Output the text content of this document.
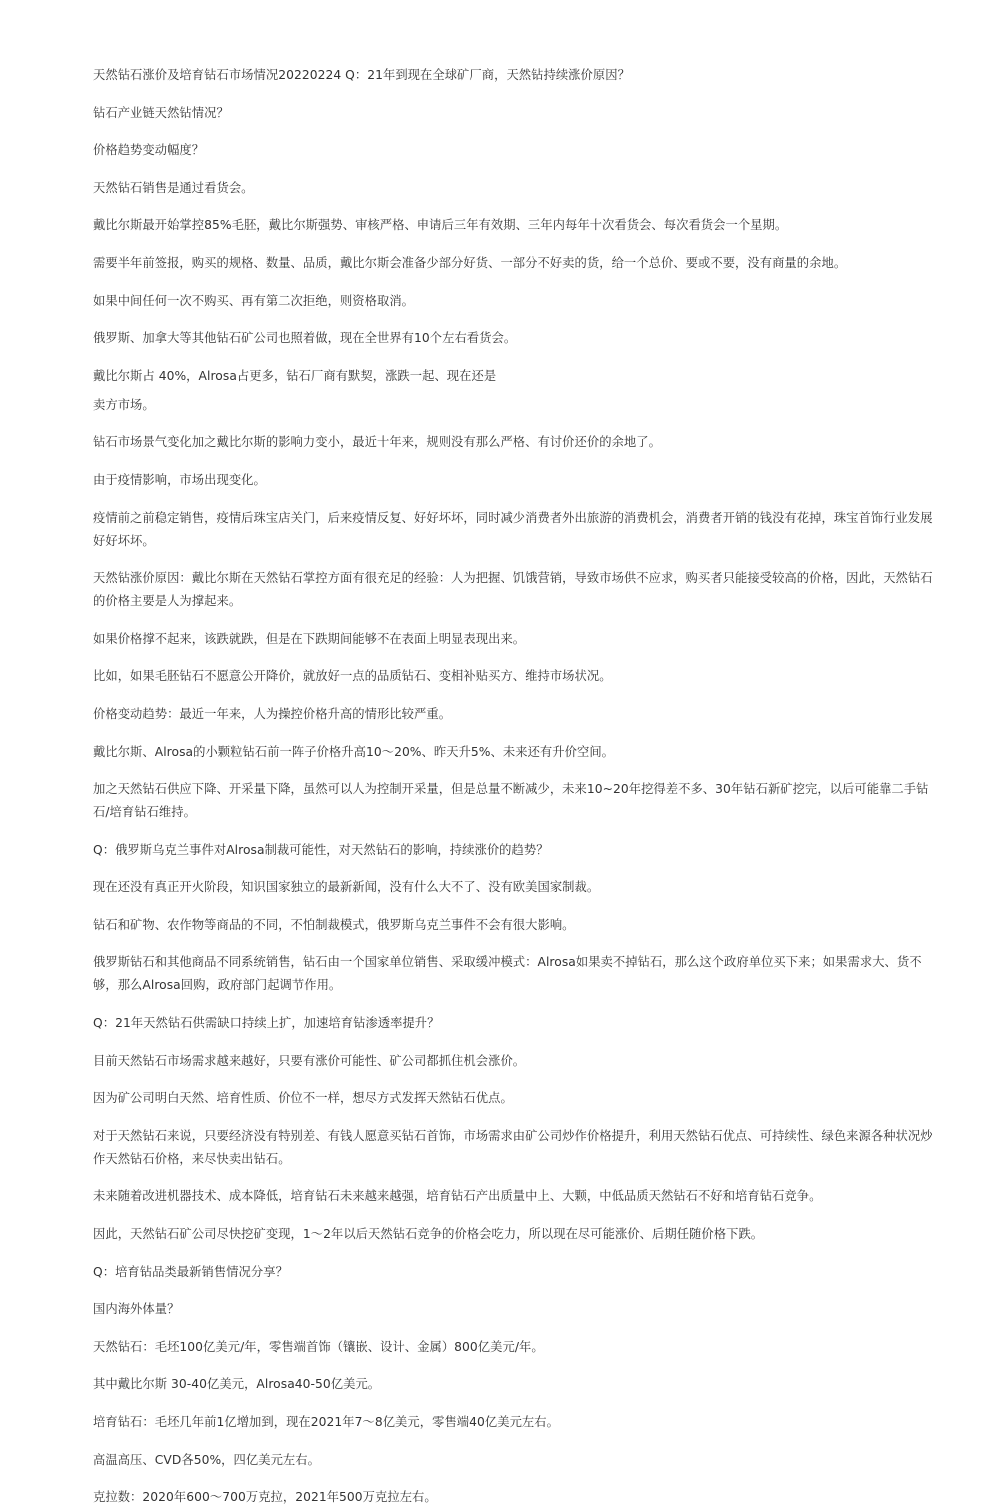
天然钻石涨价及培育钻石市场情况20220224 Q：21年到现在全球矿厂商，天然钻持续涨价原因？

钻石产业链天然钻情况？

价格趋势变动幅度？

天然钻石销售是通过看货会。

戴比尔斯最开始掌控85%毛胚，戴比尔斯强势、审核严格、申请后三年有效期、三年内每年十次看货会、每次看货会一个星期。

需要半年前签报，购买的规格、数量、品质，戴比尔斯会准备少部分好货、一部分不好卖的货，给一个总价、要或不要，没有商量的余地。

如果中间任何一次不购买、再有第二次拒绝，则资格取消。

俄罗斯、加拿大等其他钻石矿公司也照着做，现在全世界有10个左右看货会。

戴比尔斯占 40%，Alrosa占更多，钻石厂商有默契，涨跌一起、现在还是

卖方市场。

钻石市场景气变化加之戴比尔斯的影响力变小，最近十年来，规则没有那么严格、有讨价还价的余地了。

由于疫情影响，市场出现变化。

疫情前之前稳定销售，疫情后珠宝店关门，后来疫情反复、好好坏坏，同时减少消费者外出旅游的消费机会，消费者开销的钱没有花掉，珠宝首饰行业发展好好坏坏。

天然钻涨价原因：戴比尔斯在天然钻石掌控方面有很充足的经验：人为把握、饥饿营销，导致市场供不应求，购买者只能接受较高的价格，因此，天然钻石的价格主要是人为撑起来。

如果价格撑不起来，该跌就跌，但是在下跌期间能够不在表面上明显表现出来。

比如，如果毛胚钻石不愿意公开降价，就放好一点的品质钻石、变相补贴买方、维持市场状况。

价格变动趋势：最近一年来，人为操控价格升高的情形比较严重。

戴比尔斯、Alrosa的小颗粒钻石前一阵子价格升高10～20%、昨天升5%、未来还有升价空间。

加之天然钻石供应下降、开采量下降，虽然可以人为控制开采量，但是总量不断减少，未来10~20年挖得差不多、30年钻石新矿挖完，以后可能靠二手钻石/培育钻石维持。

Q：俄罗斯乌克兰事件对Alrosa制裁可能性，对天然钻石的影响，持续涨价的趋势？

现在还没有真正开火阶段，知识国家独立的最新新闻，没有什么大不了、没有欧美国家制裁。

钻石和矿物、农作物等商品的不同，不怕制裁模式，俄罗斯乌克兰事件不会有很大影响。

俄罗斯钻石和其他商品不同系统销售，钻石由一个国家单位销售、采取缓冲模式：Alrosa如果卖不掉钻石，那么这个政府单位买下来；如果需求大、货不够，那么Alrosa回购，政府部门起调节作用。

Q：21年天然钻石供需缺口持续上扩，加速培育钻渗透率提升？

目前天然钻石市场需求越来越好，只要有涨价可能性、矿公司都抓住机会涨价。

因为矿公司明白天然、培育性质、价位不一样，想尽方式发挥天然钻石优点。

对于天然钻石来说，只要经济没有特别差、有钱人愿意买钻石首饰，市场需求由矿公司炒作价格提升，利用天然钻石优点、可持续性、绿色来源各种状况炒作天然钻石价格，来尽快卖出钻石。

未来随着改进机器技术、成本降低，培育钻石未来越来越强，培育钻石产出质量中上、大颗，中低品质天然钻石不好和培育钻石竞争。

因此，天然钻石矿公司尽快挖矿变现，1～2年以后天然钻石竞争的价格会吃力，所以现在尽可能涨价、后期任随价格下跌。

Q：培育钻品类最新销售情况分享？

国内海外体量？

天然钻石：毛坯100亿美元/年，零售端首饰（镶嵌、设计、金属）800亿美元/年。

其中戴比尔斯 30-40亿美元，Alrosa40-50亿美元。

培育钻石：毛坯几年前1亿增加到，现在2021年7～8亿美元，零售端40亿美元左右。

高温高压、CVD各50%，四亿美元左右。

克拉数：2020年600～700万克拉，2021年500万克拉左右。
